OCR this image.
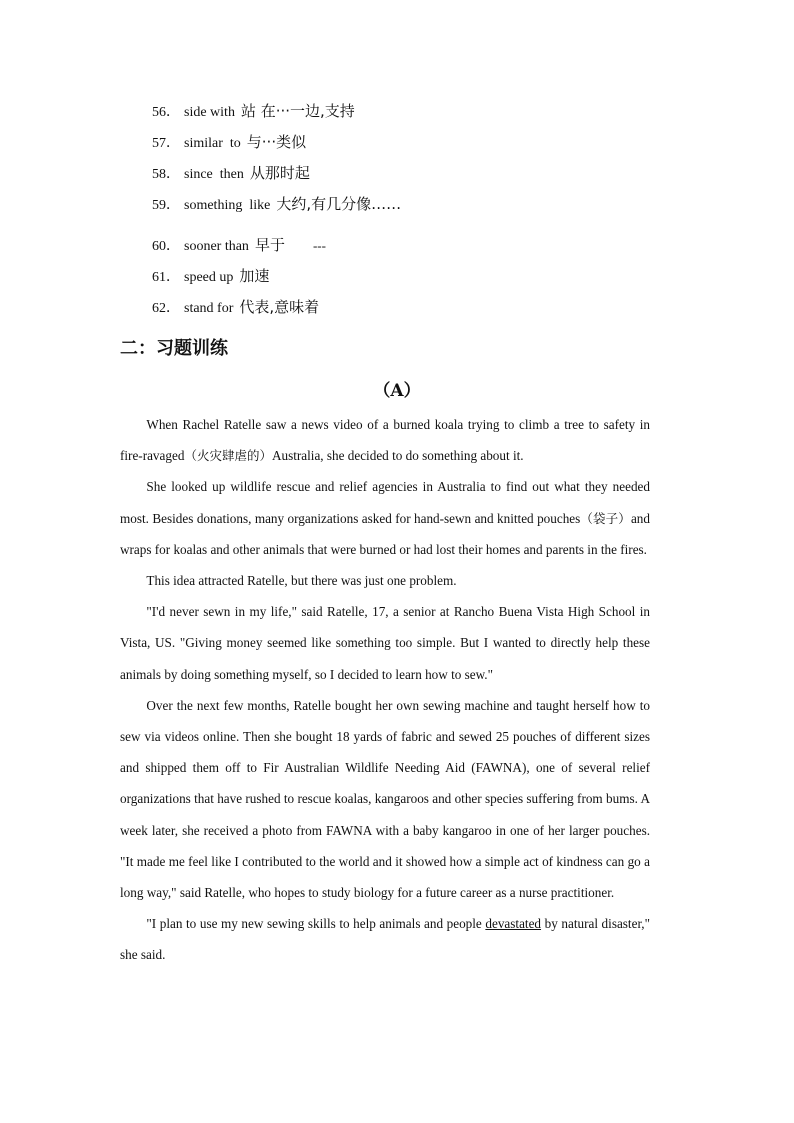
56． side with 站 在···一边,支持
57． similar  to 与···类似
58． since  then 从那时起
59． something  like 大约,有几分像……
60． sooner than 早于 ---
61． speed up 加速
62． stand for 代表,意味着
二：习题训练
（A）

When Rachel Ratelle saw a news video of a burned koala trying to climb a tree to safety in fire-ravaged（火灾肆虐的）Australia, she decided to do something about it.

She looked up wildlife rescue and relief agencies in Australia to find out what they needed most. Besides donations, many organizations asked for hand-sewn and knitted pouches（袋子）and wraps for koalas and other animals that were burned or had lost their homes and parents in the fires.

This idea attracted Ratelle, but there was just one problem.

"I'd never sewn in my life," said Ratelle, 17, a senior at Rancho Buena Vista High School in Vista, US. "Giving money seemed like something too simple. But I wanted to directly help these animals by doing something myself, so I decided to learn how to sew."

Over the next few months, Ratelle bought her own sewing machine and taught herself how to sew via videos online. Then she bought 18 yards of fabric and sewed 25 pouches of different sizes and shipped them off to Fir Australian Wildlife Needing Aid (FAWNA), one of several relief organizations that have rushed to rescue koalas, kangaroos and other species suffering from bums. A week later, she received a photo from FAWNA with a baby kangaroo in one of her larger pouches. "It made me feel like I contributed to the world and it showed how a simple act of kindness can go a long way," said Ratelle, who hopes to study biology for a future career as a nurse practitioner.

"I plan to use my new sewing skills to help animals and people devastated by natural disaster," she said.
